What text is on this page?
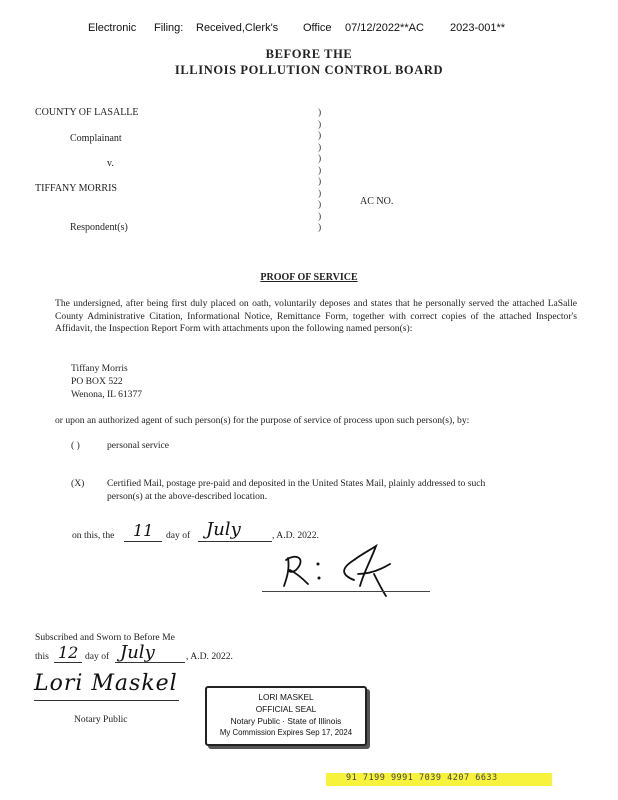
Electronic Filing: Received,Clerk's Office 07/12/2022**AC 2023-001**
BEFORE THE
ILLINOIS POLLUTION CONTROL BOARD
COUNTY OF LASALLE
Complainant
v.
TIFFANY MORRIS
Respondent(s)
AC NO.
)
)
)
)
)
)
)
)
)
)
)
PROOF OF SERVICE
The undersigned, after being first duly placed on oath, voluntarily deposes and states that he personally served the attached LaSalle County Administrative Citation, Informational Notice, Remittance Form, together with correct copies of the attached Inspector's Affidavit, the Inspection Report Form with attachments upon the following named person(s):
Tiffany Morris
PO BOX 522
Wenona, IL 61377
or upon an authorized agent of such person(s) for the purpose of service of process upon such person(s), by:
( )	personal service
(X) Certified Mail, postage pre-paid and deposited in the United States Mail, plainly addressed to such
person(s) at the above-described location.
on this, the 11 day of July	, A.D. 2022.
Subscribed and Sworn to Before Me
this 12 day of July	, A.D. 2022.
Lori Maskel
Notary Public
LORI MASKEL
OFFICIAL SEAL
Notary Public · State of Illinois
My Commission Expires Sep 17, 2024
91 7199 9991 7039 4207 6633
